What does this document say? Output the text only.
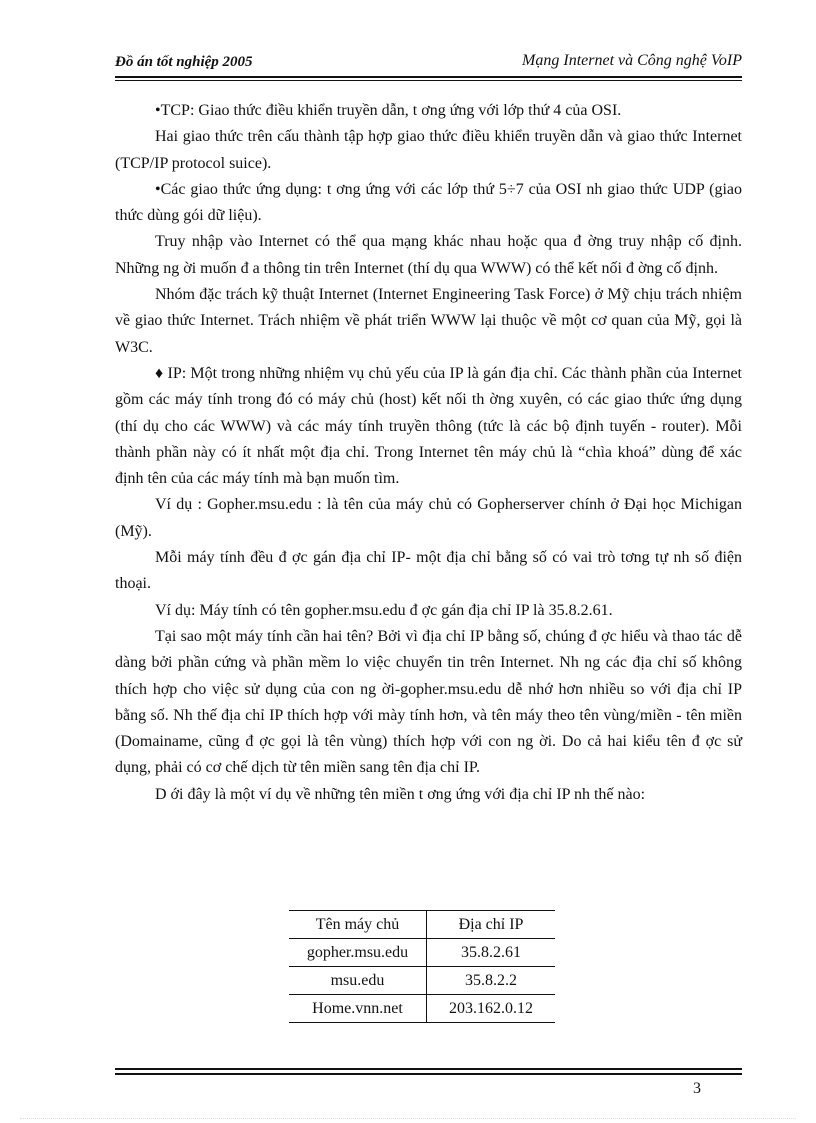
Đồ án tốt nghiệp 2005	Mạng Internet và Công nghệ VoIP

•TCP: Giao thức điều khiển truyền dẫn, t ơng ứng với lớp thứ 4 của OSI.

Hai giao thức trên cấu thành tập hợp giao thức điều khiển truyền dẫn và giao thức Internet (TCP/IP protocol suice).

•Các giao thức ứng dụng: t ơng ứng với các lớp thứ 5÷7 của OSI nh giao thức UDP (giao thức dùng gói dữ liệu).

Truy nhập vào Internet có thể qua mạng khác nhau hoặc qua đ ờng truy nhập cố định. Những ng ời muốn đ a thông tin trên Internet (thí dụ qua WWW) có thể kết nối đ ờng cố định.

Nhóm đặc trách kỹ thuật Internet (Internet Engineering Task Force) ở Mỹ chịu trách nhiệm về giao thức Internet. Trách nhiệm về phát triển WWW lại thuộc về một cơ quan của Mỹ, gọi là W3C.

♦ IP: Một trong những nhiệm vụ chủ yếu của IP là gán địa chỉ. Các thành phần của Internet gồm các máy tính trong đó có máy chủ (host) kết nối th ờng xuyên, có các giao thức ứng dụng (thí dụ cho các WWW) và các máy tính truyền thông (tức là các bộ định tuyến - router). Mỗi thành phần này có ít nhất một địa chỉ. Trong Internet tên máy chủ là “chìa khoá” dùng để xác định tên của các máy tính mà bạn muốn tìm.

Ví dụ : Gopher.msu.edu : là tên của máy chủ có Gopherserver chính ở Đại học Michigan (Mỹ).

Mỗi máy tính đều đ ợc gán địa chỉ IP- một địa chỉ bằng số có vai trò tơng tự nh số điện thoại.

Ví dụ: Máy tính có tên gopher.msu.edu đ ợc gán địa chỉ IP là 35.8.2.61.

Tại sao một máy tính cần hai tên? Bởi vì địa chỉ IP bằng số, chúng đ ợc hiểu và thao tác dễ dàng bởi phần cứng và phần mềm lo việc chuyển tin trên Internet. Nh ng các địa chỉ số không thích hợp cho việc sử dụng của con ng ời-gopher.msu.edu dễ nhớ hơn nhiều so với địa chỉ IP bằng số. Nh thế địa chỉ IP thích hợp với mày tính hơn, và tên máy theo tên vùng/miền - tên miền (Domainame, cũng đ ợc gọi là tên vùng) thích hợp với con ng ời. Do cả hai kiểu tên đ ợc sử dụng, phải có cơ chế dịch từ tên miền sang tên địa chỉ IP.

D ới đây là một ví dụ về những tên miền t ơng ứng với địa chỉ IP nh thế nào:

Tên máy chủ	Địa chỉ IP
gopher.msu.edu	35.8.2.61
msu.edu	35.8.2.2
Home.vnn.net	203.162.0.12
3
